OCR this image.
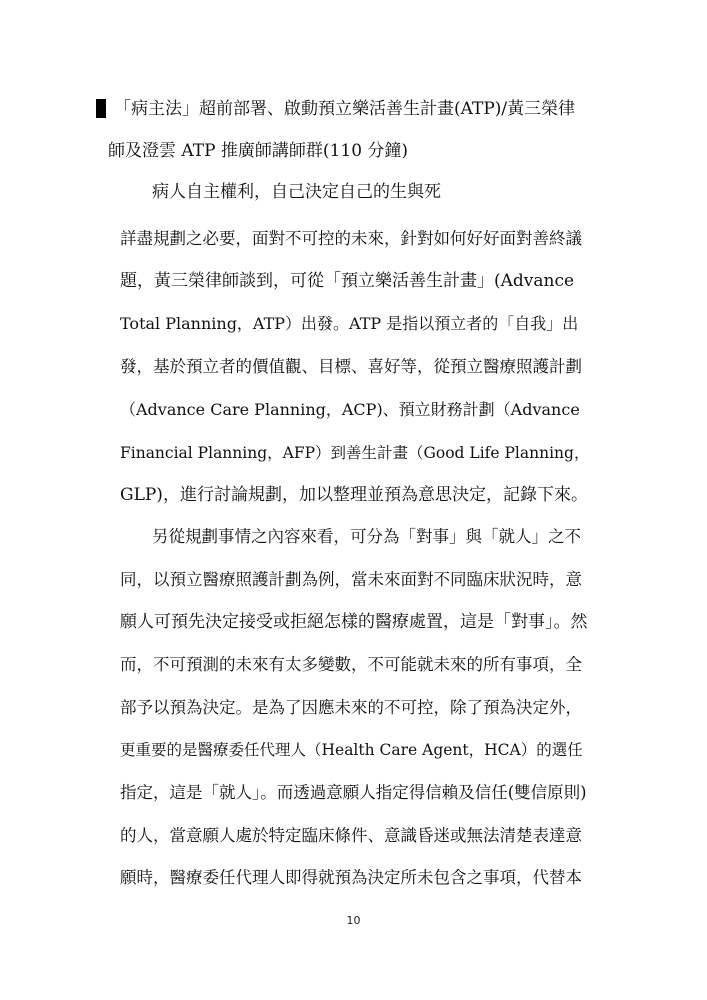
「病主法」超前部署、啟動預立樂活善生計畫(ATP)/黃三榮律
師及澄雲 ATP 推廣師講師群(110 分鐘)
病人自主權利，自己決定自己的生與死
詳盡規劃之必要，面對不可控的未來，針對如何好好面對善終議
題，黃三榮律師談到，可從「預立樂活善生計畫」(Advance
Total Planning，ATP）出發。ATP 是指以預立者的「自我」出
發，基於預立者的價值觀、目標、喜好等，從預立醫療照護計劃
（Advance Care Planning，ACP)、預立財務計劃（Advance
Financial Planning，AFP）到善生計畫（Good Life Planning，
GLP)，進行討論規劃，加以整理並預為意思決定，記錄下來。
另從規劃事情之內容來看，可分為「對事」與「就人」之不
同，以預立醫療照護計劃為例，當未來面對不同臨床狀況時，意
願人可預先決定接受或拒絕怎樣的醫療處置，這是「對事」。然
而，不可預測的未來有太多變數，不可能就未來的所有事項，全
部予以預為決定。是為了因應未來的不可控，除了預為決定外，
更重要的是醫療委任代理人（Health Care Agent，HCA）的選任
指定，這是「就人」。而透過意願人指定得信賴及信任(雙信原則)
的人，當意願人處於特定臨床條件、意識昏迷或無法清楚表達意
願時，醫療委任代理人即得就預為決定所未包含之事項，代替本
10
